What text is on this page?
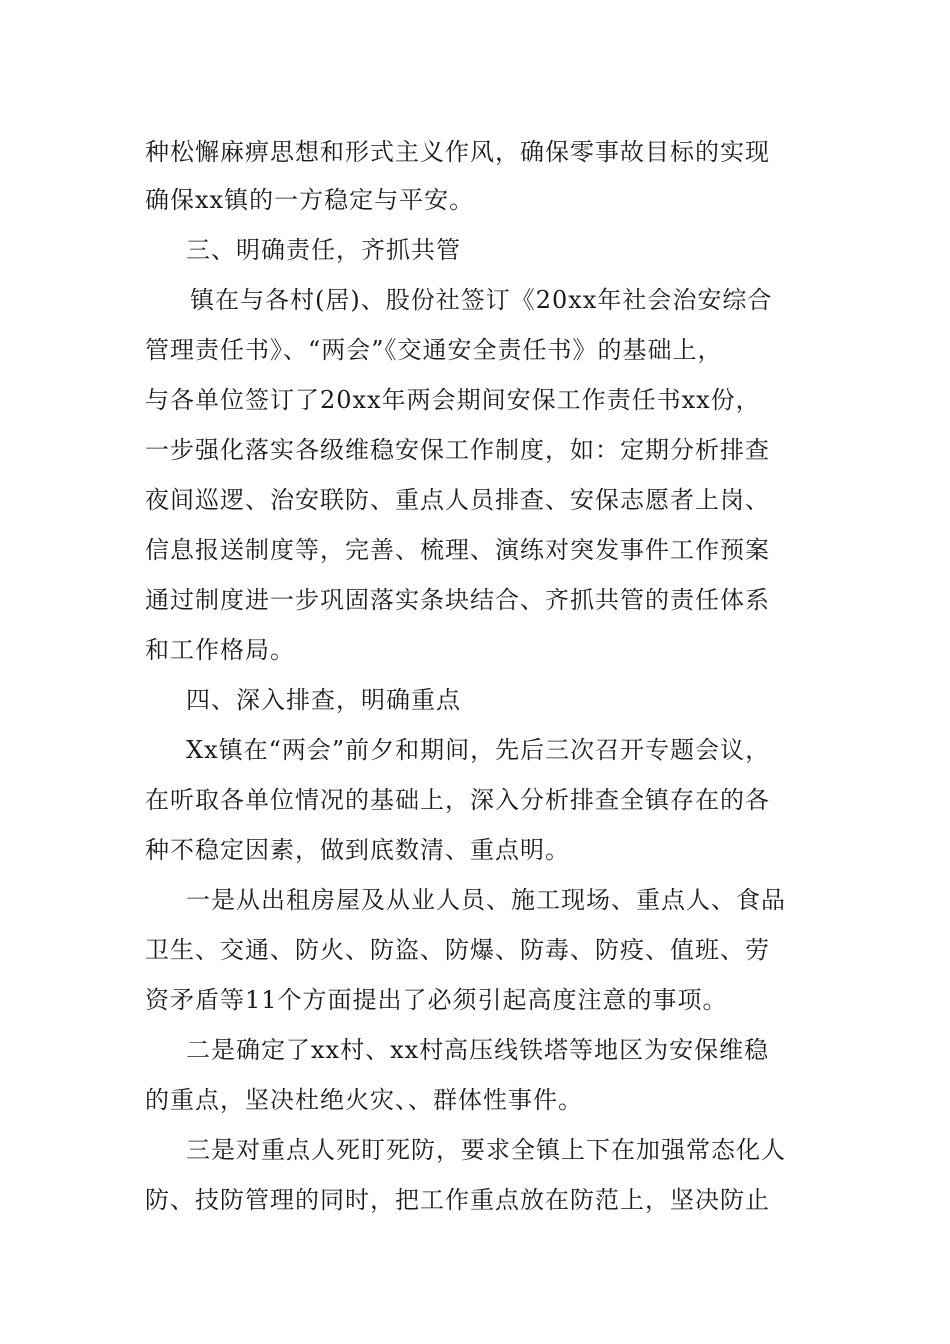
种松懈麻痹思想和形式主义作风，确保零事故目标的实现
确保xx镇的一方稳定与平安。
三、明确责任，齐抓共管
镇在与各村(居)、股份社签订《20xx年社会治安综合
管理责任书》、“两会”《交通安全责任书》的基础上，
与各单位签订了20xx年两会期间安保工作责任书xx份，
一步强化落实各级维稳安保工作制度，如：定期分析排查
夜间巡逻、治安联防、重点人员排查、安保志愿者上岗、
信息报送制度等，完善、梳理、演练对突发事件工作预案
通过制度进一步巩固落实条块结合、齐抓共管的责任体系
和工作格局。
四、深入排查，明确重点
Xx镇在“两会”前夕和期间，先后三次召开专题会议，
在听取各单位情况的基础上，深入分析排查全镇存在的各
种不稳定因素，做到底数清、重点明。
一是从出租房屋及从业人员、施工现场、重点人、食品
卫生、交通、防火、防盗、防爆、防毒、防疫、值班、劳
资矛盾等11个方面提出了必须引起高度注意的事项。
二是确定了xx村、xx村高压线铁塔等地区为安保维稳
的重点，坚决杜绝火灾、、群体性事件。
三是对重点人死盯死防，要求全镇上下在加强常态化人
防、技防管理的同时，把工作重点放在防范上，坚决防止
